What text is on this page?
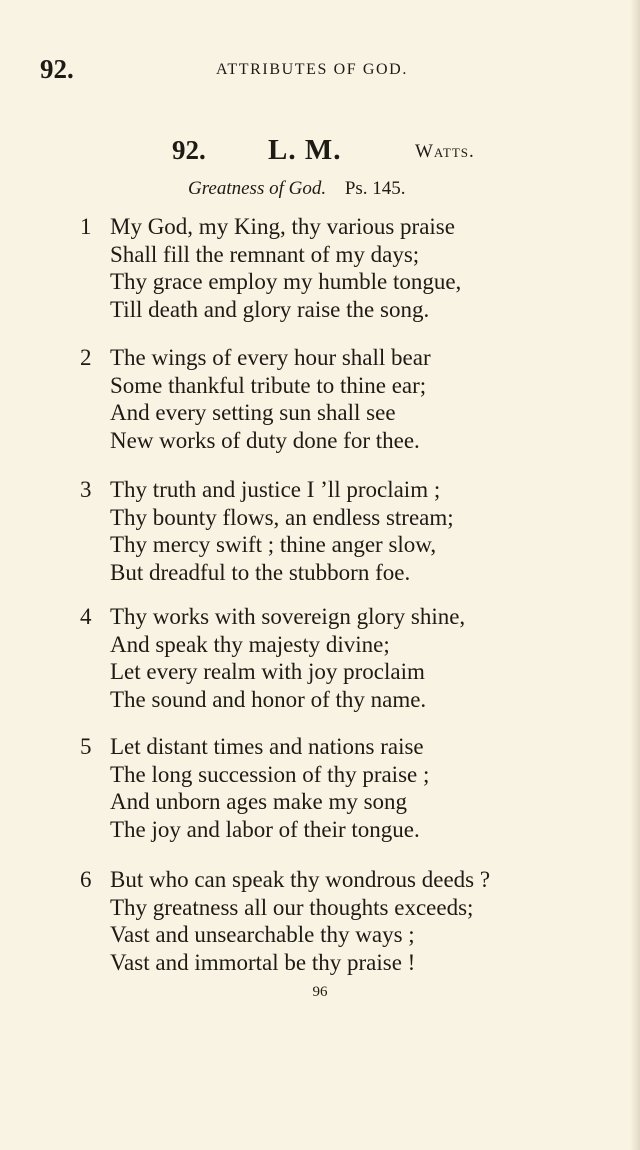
92.	ATTRIBUTES OF GOD.
92. L. M.	Watts.
Greatness of God. Ps. 145.
1 My God, my King, thy various praise
Shall fill the remnant of my days;
Thy grace employ my humble tongue,
Till death and glory raise the song.
2 The wings of every hour shall bear
Some thankful tribute to thine ear;
And every setting sun shall see
New works of duty done for thee.
3 Thy truth and justice I ’ll proclaim ;
Thy bounty flows, an endless stream;
Thy mercy swift ; thine anger slow,
But dreadful to the stubborn foe.
4 Thy works with sovereign glory shine,
And speak thy majesty divine;
Let every realm with joy proclaim
The sound and honor of thy name.
5 Let distant times and nations raise
The long succession of thy praise ;
And unborn ages make my song
The joy and labor of their tongue.
6 But who can speak thy wondrous deeds ?
Thy greatness all our thoughts exceeds;
Vast and unsearchable thy ways ;
Vast and immortal be thy praise !
96
